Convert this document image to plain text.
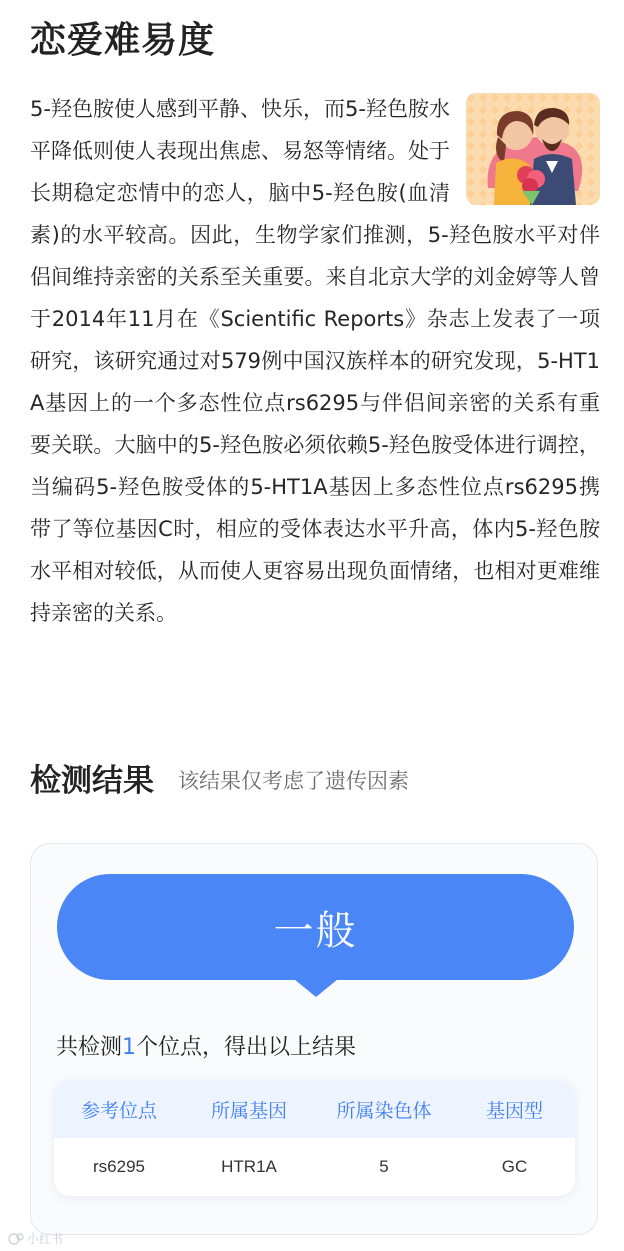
恋爱难易度

5-羟色胺使人感到平静、快乐，而5-羟色胺水平降低则使人表现出焦虑、易怒等情绪。处于长期稳定恋情中的恋人，脑中5-羟色胺(血清素)的水平较高。因此，生物学家们推测，5-羟色胺水平对伴侣间维持亲密的关系至关重要。来自北京大学的刘金婷等人曾于2014年11月在《Scientific Reports》杂志上发表了一项研究，该研究通过对579例中国汉族样本的研究发现，5-HT1A基因上的一个多态性位点rs6295与伴侣间亲密的关系有重要关联。大脑中的5-羟色胺必须依赖5-羟色胺受体进行调控，当编码5-羟色胺受体的5-HT1A基因上多态性位点rs6295携带了等位基因C时，相应的受体表达水平升高，体内5-羟色胺水平相对较低，从而使人更容易出现负面情绪，也相对更难维持亲密的关系。

检测结果 该结果仅考虑了遗传因素
一般
共检测1个位点，得出以上结果
参考位点	所属基因	所属染色体	基因型
rs6295	HTR1A	5	GC
小红书
